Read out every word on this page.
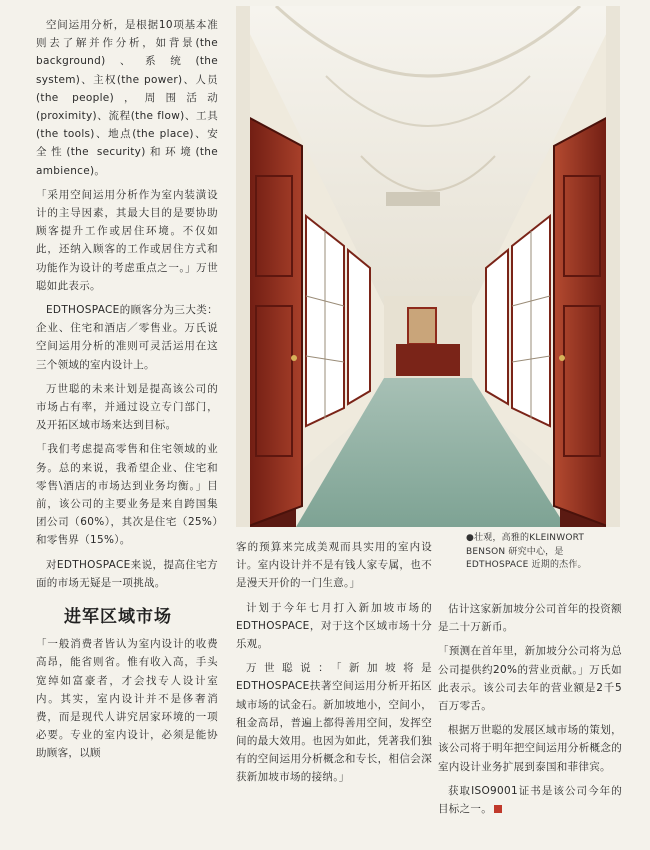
空间运用分析，是根据10项基本准则去了解并作分析，如背景(the background)、系统(the system)、主权(the power)、人员(the people)，周围活动(proximity)、流程(the flow)、工具(the tools)、地点(the place)、安全性(the security)和环境(the ambience)。

「采用空间运用分析作为室内装潢设计的主导因素，其最大目的是要协助顾客提升工作或居住环境。不仅如此，还纳入顾客的工作或居住方式和功能作为设计的考虑重点之一。」万世聪如此表示。

EDTHOSPACE的顾客分为三大类：企业、住宅和酒店／零售业。万氏说空间运用分析的准则可灵活运用在这三个领域的室内设计上。

万世聪的未来计划是提高该公司的市场占有率，并通过设立专门部门，及开拓区域市场来达到目标。

「我们考虑提高零售和住宅领域的业务。总的来说，我希望企业、住宅和零售\酒店的市场达到业务均衡。」目前，该公司的主要业务是来自跨国集团公司（60%），其次是住宅（25%）和零售界（15%）。

对EDTHOSPACE来说，提高住宅方面的市场无疑是一项挑战。

进军区域市场

「一般消费者皆认为室内设计的收费高昂，能省则省。惟有收入高，手头宽绰如富豪者，才会找专人设计室内。其实，室内设计并不是侈奢消费，而是现代人讲究居家环境的一项必要。专业的室内设计，必须是能协助顾客，以顾

●壮观，高雅的KLEINWORT BENSON 研究中心，是EDTHOSPACE 近期的杰作。

客的预算来完成美观而具实用的室内设计。室内设计并不是有钱人家专属，也不是漫天开价的一门生意。」

计划于今年七月打入新加坡市场的EDTHOSPACE，对于这个区域市场十分乐观。

万世聪说：「新加坡将是EDTHOSPACE扶著空间运用分析开拓区域市场的试金石。新加坡地小，空间小，租金高昂，普遍上都得善用空间，发挥空间的最大效用。也因为如此，凭著我们独有的空间运用分析概念和专长，相信会深获新加坡市场的接纳。」

估计这家新加坡分公司首年的投资额是二十万新币。

「预测在首年里，新加坡分公司将为总公司提供约20%的营业贡献。」万氏如此表示。该公司去年的营业额是2千5百万零舌。

根据万世聪的发展区域市场的策划，该公司将于明年把空间运用分析概念的室内设计业务扩展到泰国和菲律宾。

获取ISO9001证书是该公司今年的目标之一。
